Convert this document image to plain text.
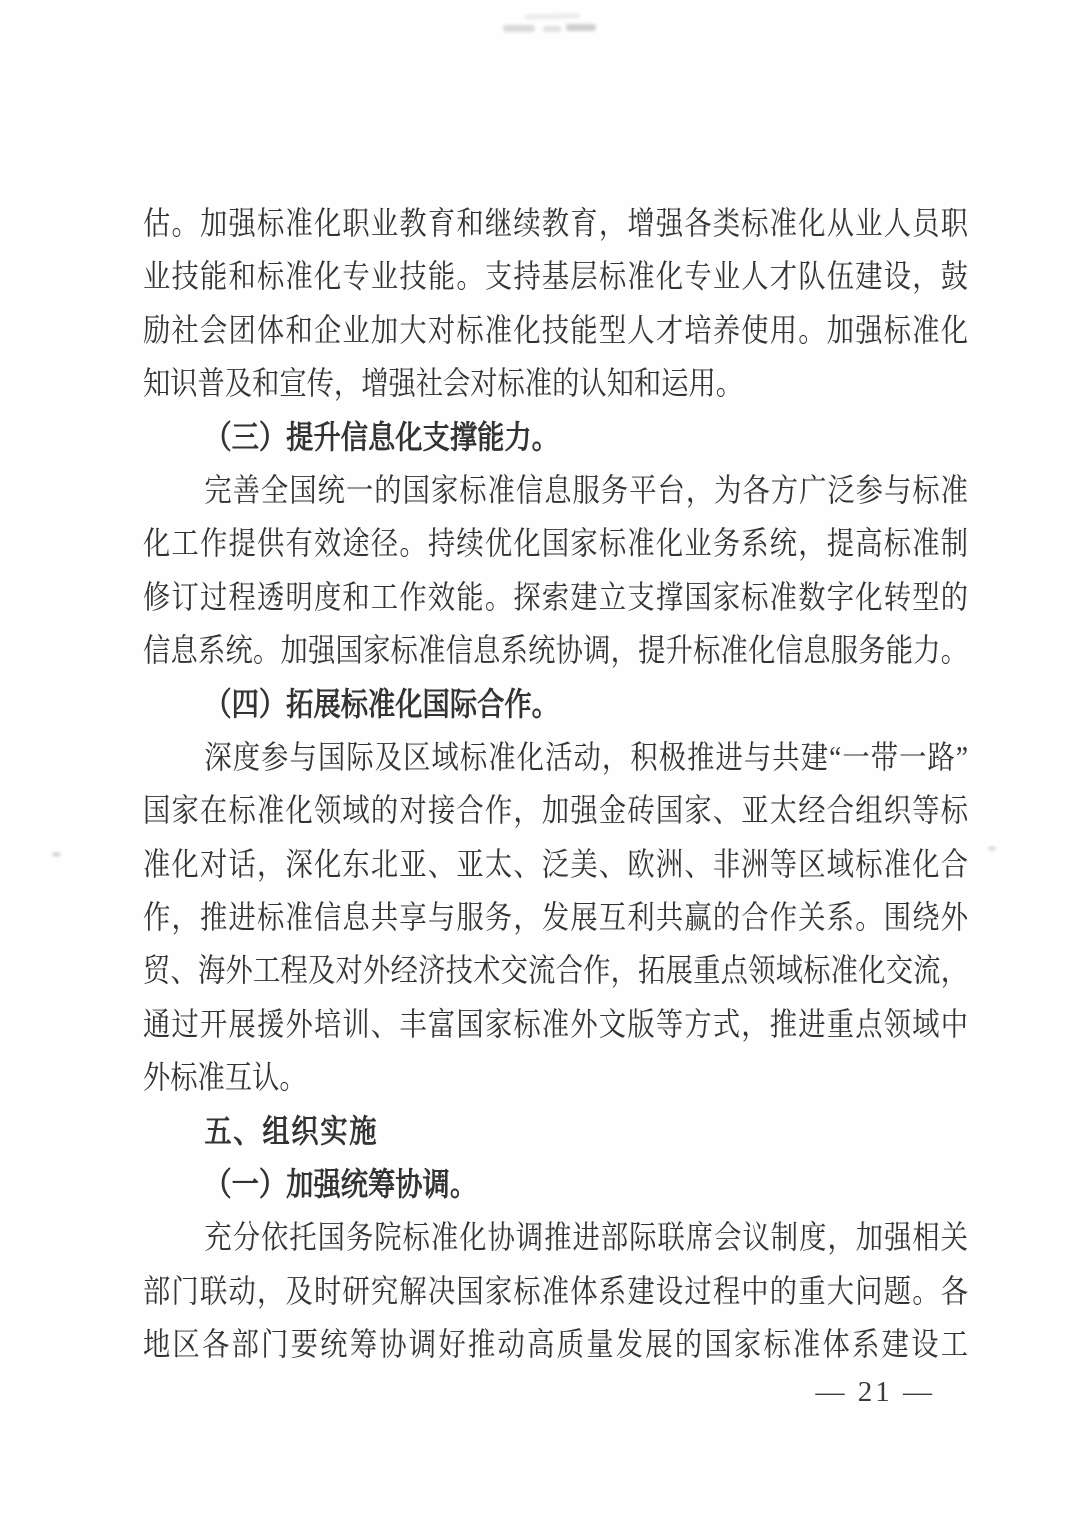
估。加强标准化职业教育和继续教育，增强各类标准化从业人员职
业技能和标准化专业技能。支持基层标准化专业人才队伍建设，鼓
励社会团体和企业加大对标准化技能型人才培养使用。加强标准化
知识普及和宣传，增强社会对标准的认知和运用。
（三）提升信息化支撑能力。
完善全国统一的国家标准信息服务平台，为各方广泛参与标准
化工作提供有效途径。持续优化国家标准化业务系统，提高标准制
修订过程透明度和工作效能。探索建立支撑国家标准数字化转型的
信息系统。加强国家标准信息系统协调，提升标准化信息服务能力。
（四）拓展标准化国际合作。
深度参与国际及区域标准化活动，积极推进与共建“一带一路”
国家在标准化领域的对接合作，加强金砖国家、亚太经合组织等标
准化对话，深化东北亚、亚太、泛美、欧洲、非洲等区域标准化合
作，推进标准信息共享与服务，发展互利共赢的合作关系。围绕外
贸、海外工程及对外经济技术交流合作，拓展重点领域标准化交流，
通过开展援外培训、丰富国家标准外文版等方式，推进重点领域中
外标准互认。
五、组织实施
（一）加强统筹协调。
充分依托国务院标准化协调推进部际联席会议制度，加强相关
部门联动，及时研究解决国家标准体系建设过程中的重大问题。各
地区各部门要统筹协调好推动高质量发展的国家标准体系建设工
— 21 —
